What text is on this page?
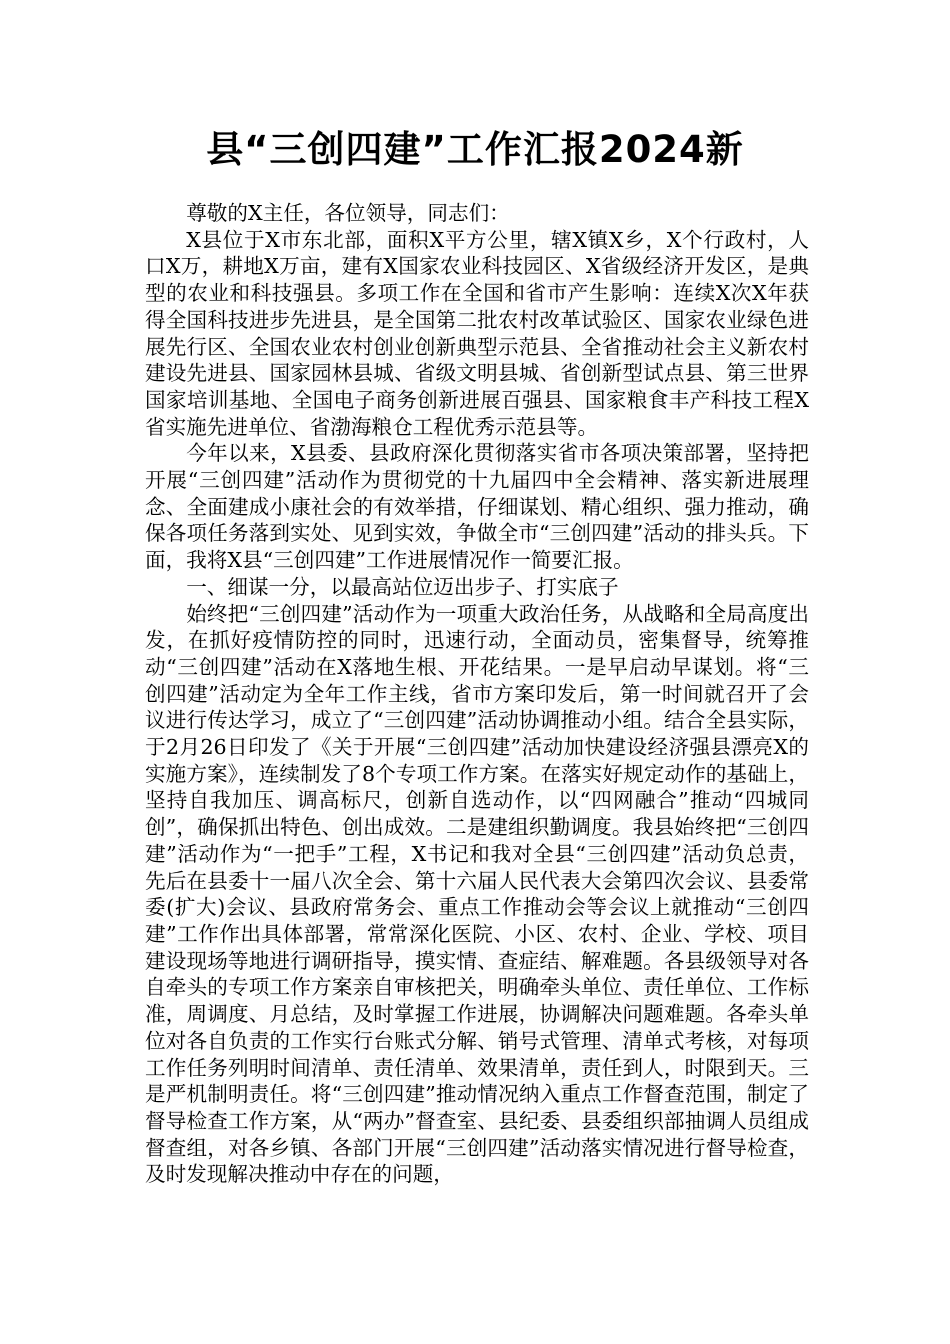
县“三创四建”工作汇报2024新

尊敬的X主任，各位领导，同志们：

X县位于X市东北部，面积X平方公里，辖X镇X乡，X个行政村，人口X万，耕地X万亩，建有X国家农业科技园区、X省级经济开发区，是典型的农业和科技强县。多项工作在全国和省市产生影响：连续X次X年获得全国科技进步先进县，是全国第二批农村改革试验区、国家农业绿色进展先行区、全国农业农村创业创新典型示范县、全省推动社会主义新农村建设先进县、国家园林县城、省级文明县城、省创新型试点县、第三世界国家培训基地、全国电子商务创新进展百强县、国家粮食丰产科技工程X省实施先进单位、省渤海粮仓工程优秀示范县等。

今年以来，X县委、县政府深化贯彻落实省市各项决策部署，坚持把开展“三创四建”活动作为贯彻党的十九届四中全会精神、落实新进展理念、全面建成小康社会的有效举措，仔细谋划、精心组织、强力推动，确保各项任务落到实处、见到实效，争做全市“三创四建”活动的排头兵。下面，我将X县“三创四建”工作进展情况作一简要汇报。

一、细谋一分，以最高站位迈出步子、打实底子

始终把“三创四建”活动作为一项重大政治任务，从战略和全局高度出发，在抓好疫情防控的同时，迅速行动，全面动员，密集督导，统筹推动“三创四建”活动在X落地生根、开花结果。一是早启动早谋划。将“三创四建”活动定为全年工作主线，省市方案印发后，第一时间就召开了会议进行传达学习，成立了“三创四建”活动协调推动小组。结合全县实际，于2月26日印发了《关于开展“三创四建”活动加快建设经济强县漂亮X的实施方案》，连续制发了8个专项工作方案。在落实好规定动作的基础上，坚持自我加压、调高标尺，创新自选动作，以“四网融合”推动“四城同创”，确保抓出特色、创出成效。二是建组织勤调度。我县始终把“三创四建”活动作为“一把手”工程，X书记和我对全县“三创四建”活动负总责，先后在县委十一届八次全会、第十六届人民代表大会第四次会议、县委常委(扩大)会议、县政府常务会、重点工作推动会等会议上就推动“三创四建”工作作出具体部署，常常深化医院、小区、农村、企业、学校、项目建设现场等地进行调研指导，摸实情、查症结、解难题。各县级领导对各自牵头的专项工作方案亲自审核把关，明确牵头单位、责任单位、工作标准，周调度、月总结，及时掌握工作进展，协调解决问题难题。各牵头单位对各自负责的工作实行台账式分解、销号式管理、清单式考核，对每项工作任务列明时间清单、责任清单、效果清单，责任到人，时限到天。三是严机制明责任。将“三创四建”推动情况纳入重点工作督查范围，制定了督导检查工作方案，从“两办”督查室、县纪委、县委组织部抽调人员组成督查组，对各乡镇、各部门开展“三创四建”活动落实情况进行督导检查，及时发现解决推动中存在的问题，
